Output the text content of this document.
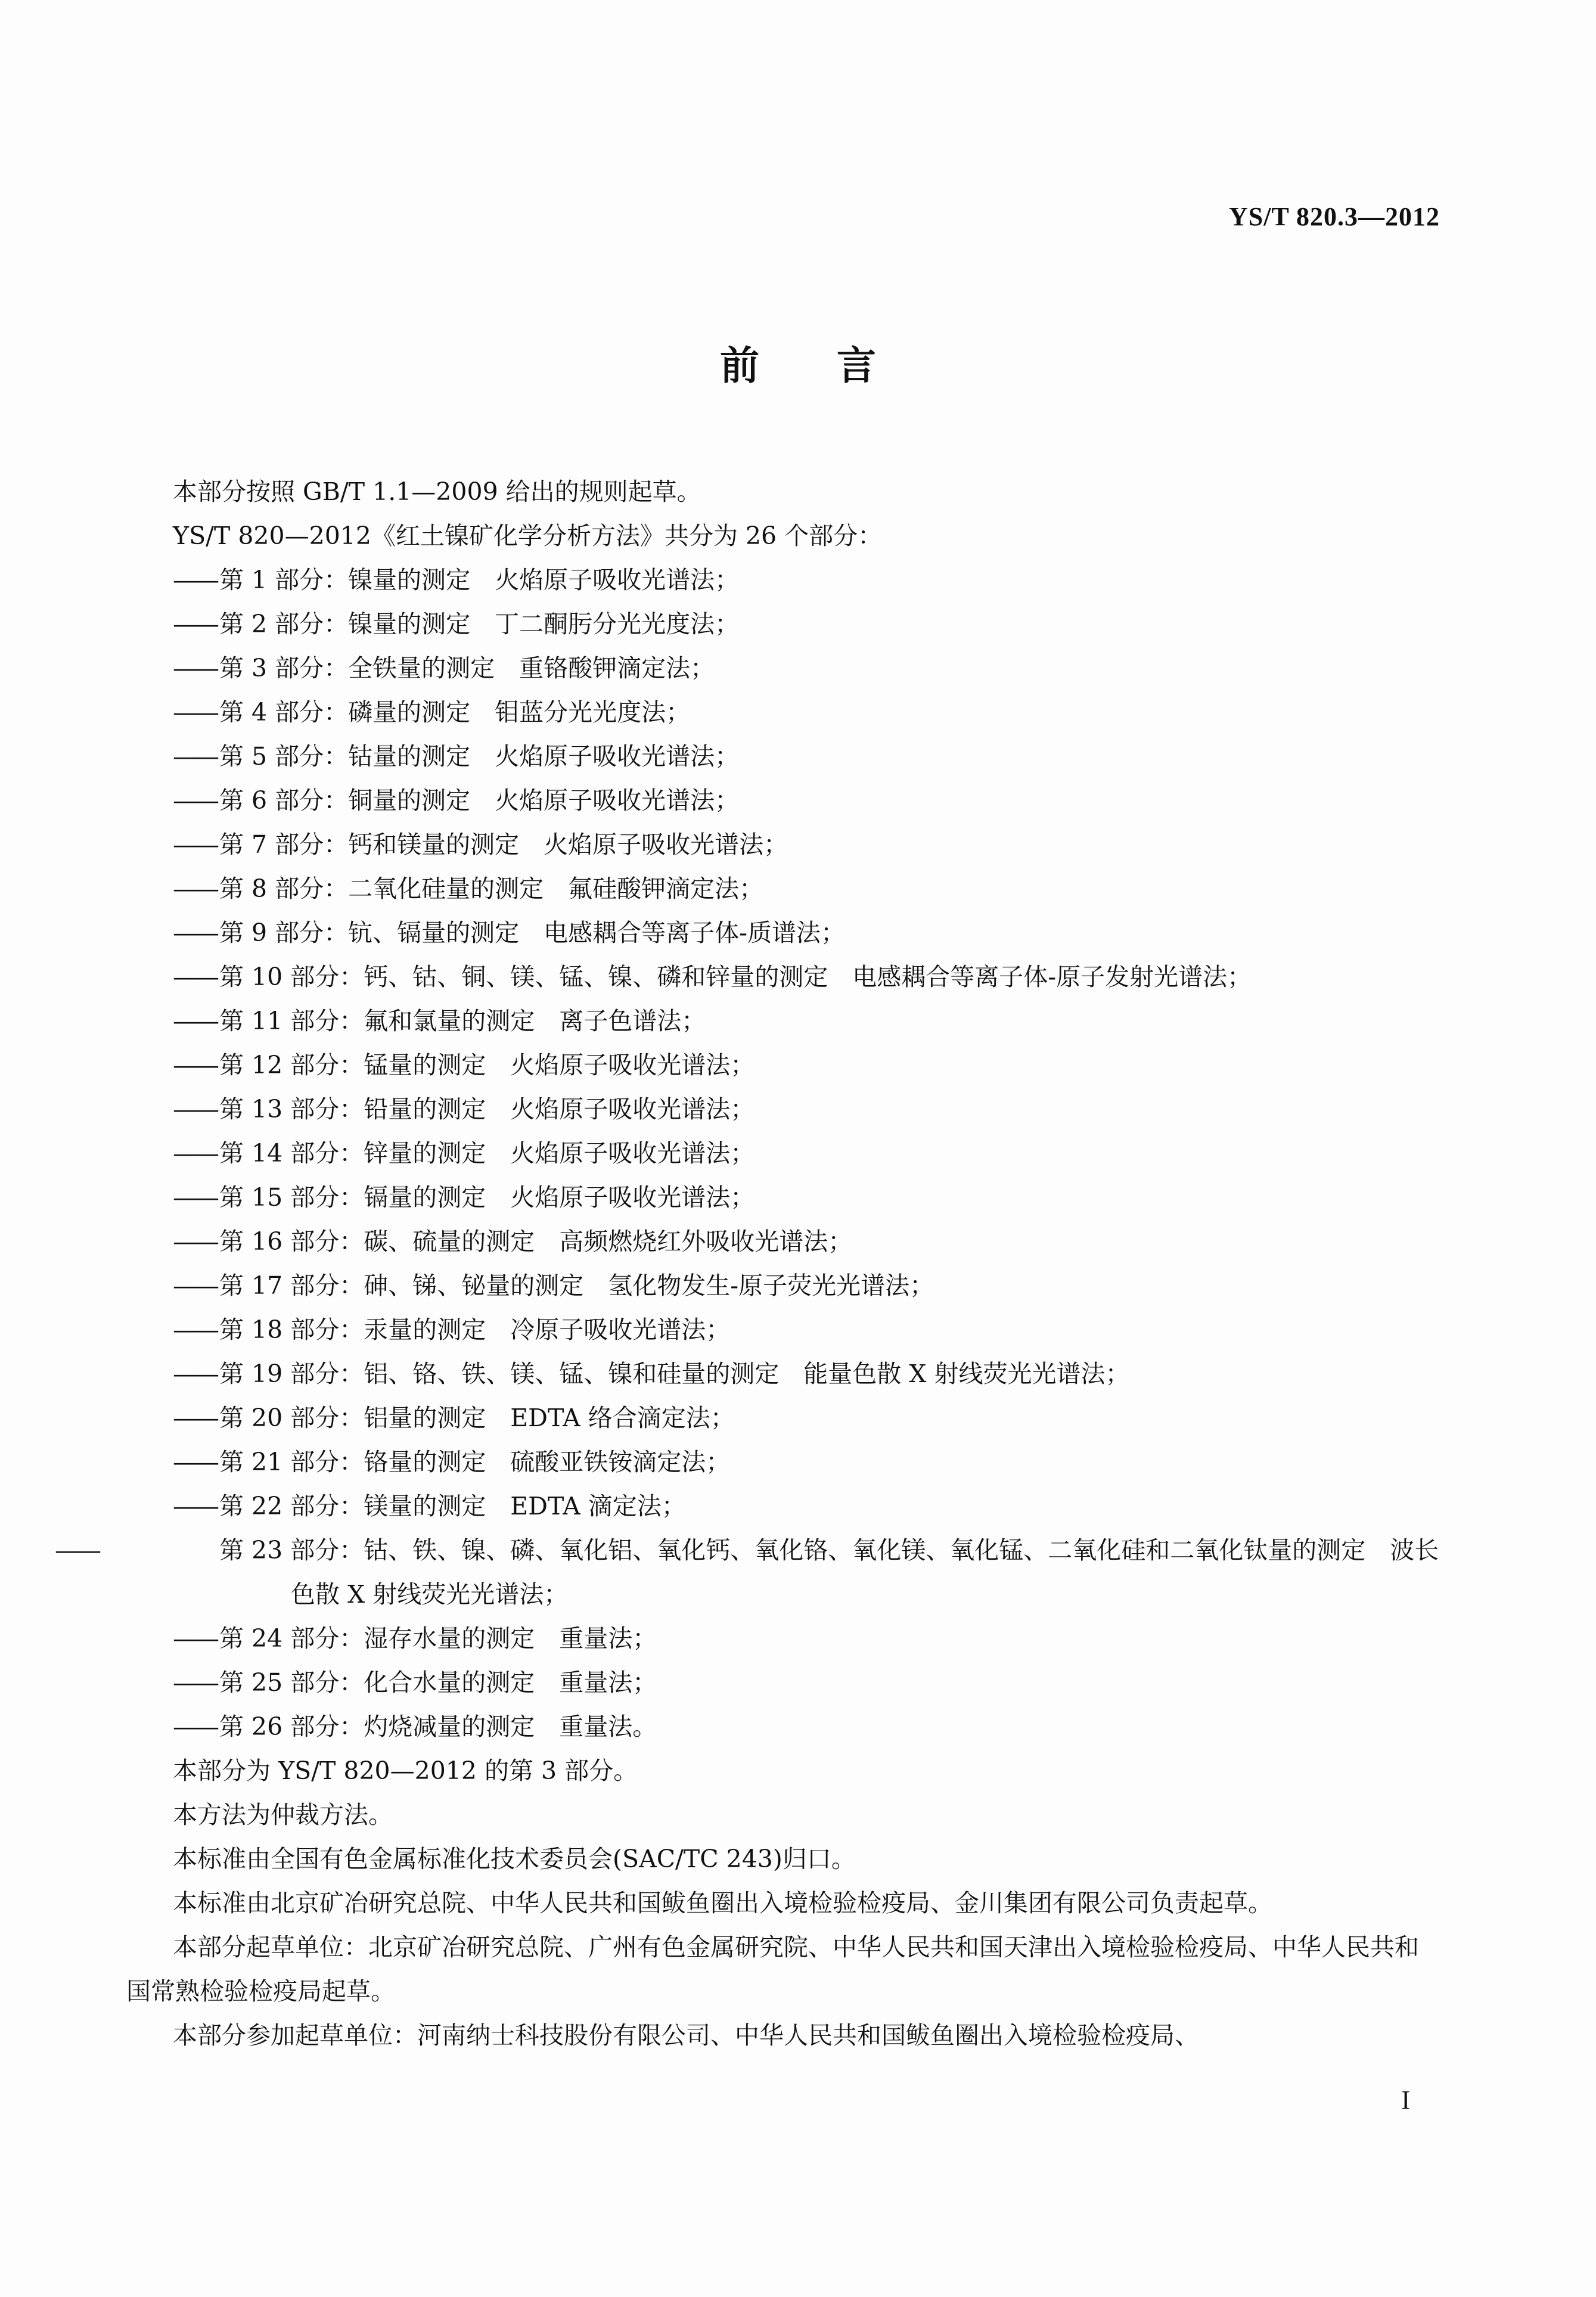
YS/T 820.3—2012
前言

本部分按照 GB/T 1.1—2009 给出的规则起草。

YS/T 820—2012《红土镍矿化学分析方法》共分为 26 个部分：

——第 1 部分：镍量的测定　火焰原子吸收光谱法；

——第 2 部分：镍量的测定　丁二酮肟分光光度法；

——第 3 部分：全铁量的测定　重铬酸钾滴定法；

——第 4 部分：磷量的测定　钼蓝分光光度法；

——第 5 部分：钴量的测定　火焰原子吸收光谱法；

——第 6 部分：铜量的测定　火焰原子吸收光谱法；

——第 7 部分：钙和镁量的测定　火焰原子吸收光谱法；

——第 8 部分：二氧化硅量的测定　氟硅酸钾滴定法；

——第 9 部分：钪、镉量的测定　电感耦合等离子体-质谱法；

——第 10 部分：钙、钴、铜、镁、锰、镍、磷和锌量的测定　电感耦合等离子体-原子发射光谱法；

——第 11 部分：氟和氯量的测定　离子色谱法；

——第 12 部分：锰量的测定　火焰原子吸收光谱法；

——第 13 部分：铅量的测定　火焰原子吸收光谱法；

——第 14 部分：锌量的测定　火焰原子吸收光谱法；

——第 15 部分：镉量的测定　火焰原子吸收光谱法；

——第 16 部分：碳、硫量的测定　高频燃烧红外吸收光谱法；

——第 17 部分：砷、锑、铋量的测定　氢化物发生-原子荧光光谱法；

——第 18 部分：汞量的测定　冷原子吸收光谱法；

——第 19 部分：铝、铬、铁、镁、锰、镍和硅量的测定　能量色散 X 射线荧光光谱法；

——第 20 部分：铝量的测定　EDTA 络合滴定法；

——第 21 部分：铬量的测定　硫酸亚铁铵滴定法；

——第 22 部分：镁量的测定　EDTA 滴定法；

——	第 23 部分：钴、铁、镍、磷、氧化铝、氧化钙、氧化铬、氧化镁、氧化锰、二氧化硅和二氧化钛量的测定　波长色散 X 射线荧光光谱法；

——第 24 部分：湿存水量的测定　重量法；

——第 25 部分：化合水量的测定　重量法；

——第 26 部分：灼烧减量的测定　重量法。

本部分为 YS/T 820—2012 的第 3 部分。

本方法为仲裁方法。

本标准由全国有色金属标准化技术委员会(SAC/TC 243)归口。

本标准由北京矿冶研究总院、中华人民共和国鲅鱼圈出入境检验检疫局、金川集团有限公司负责起草。

本部分起草单位：北京矿冶研究总院、广州有色金属研究院、中华人民共和国天津出入境检验检疫局、中华人民共和国常熟检验检疫局起草。

本部分参加起草单位：河南纳士科技股份有限公司、中华人民共和国鲅鱼圈出入境检验检疫局、

I
